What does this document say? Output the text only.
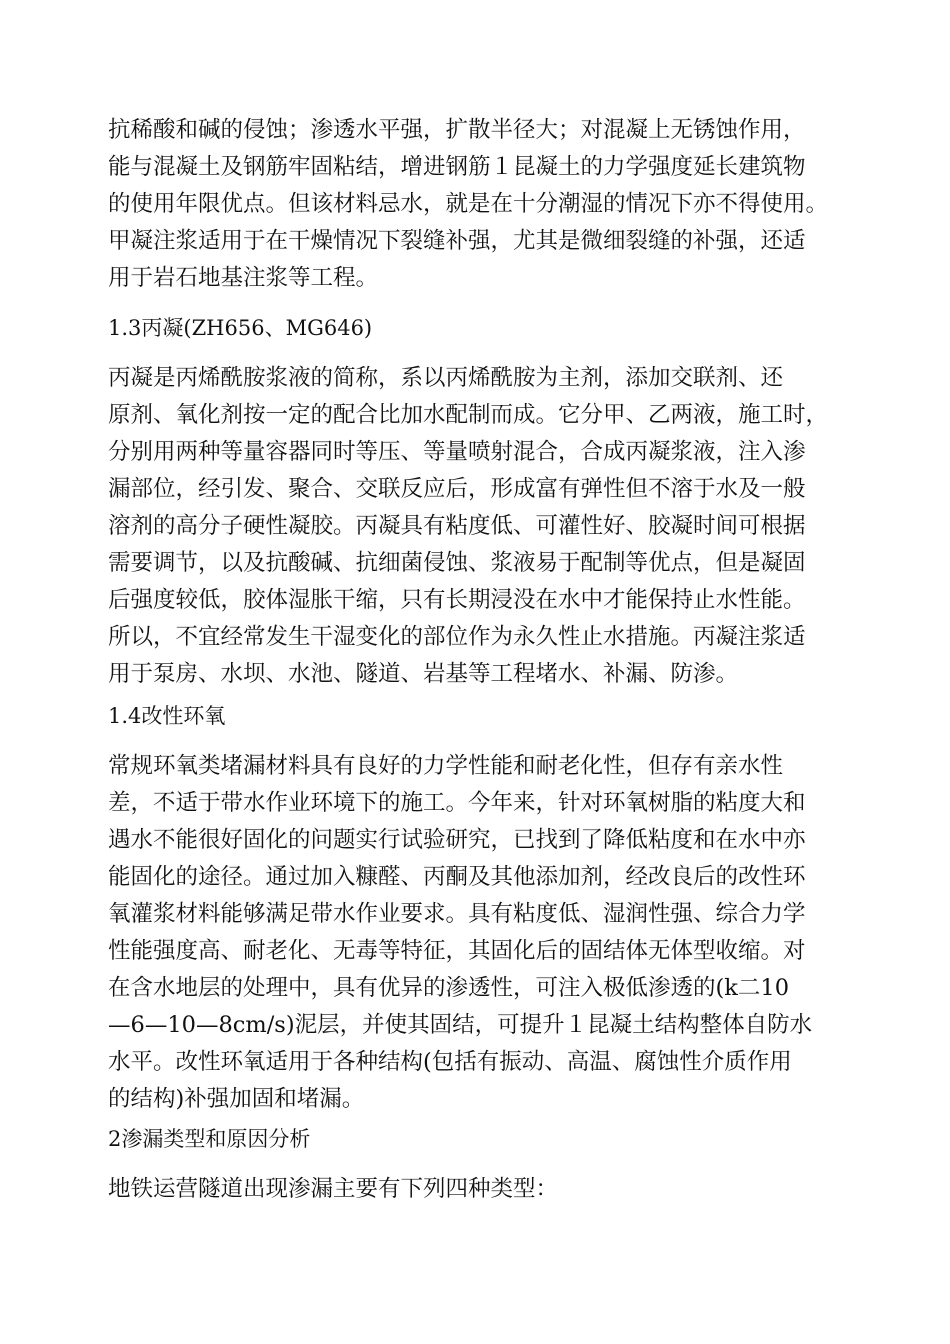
抗稀酸和碱的侵蚀；渗透水平强，扩散半径大；对混凝上无锈蚀作用，
能与混凝土及钢筋牢固粘结，增进钢筋１昆凝土的力学强度延长建筑物
的使用年限优点。但该材料忌水，就是在十分潮湿的情况下亦不得使用。
甲凝注浆适用于在干燥情况下裂缝补强，尤其是微细裂缝的补强，还适
用于岩石地基注浆等工程。
1.3丙凝(ZH656、MG646)
丙凝是丙烯酰胺浆液的简称，系以丙烯酰胺为主剂，添加交联剂、还
原剂、氧化剂按一定的配合比加水配制而成。它分甲、乙两液，施工时，
分别用两种等量容器同时等压、等量喷射混合，合成丙凝浆液，注入渗
漏部位，经引发、聚合、交联反应后，形成富有弹性但不溶于水及一般
溶剂的高分子硬性凝胶。丙凝具有粘度低、可灌性好、胶凝时间可根据
需要调节，以及抗酸碱、抗细菌侵蚀、浆液易于配制等优点，但是凝固
后强度较低，胶体湿胀干缩，只有长期浸没在水中才能保持止水性能。
所以，不宜经常发生干湿变化的部位作为永久性止水措施。丙凝注浆适
用于泵房、水坝、水池、隧道、岩基等工程堵水、补漏、防渗。
1.4改性环氧
常规环氧类堵漏材料具有良好的力学性能和耐老化性，但存有亲水性
差，不适于带水作业环境下的施工。今年来，针对环氧树脂的粘度大和
遇水不能很好固化的问题实行试验研究，已找到了降低粘度和在水中亦
能固化的途径。通过加入糠醛、丙酮及其他添加剂，经改良后的改性环
氧灌浆材料能够满足带水作业要求。具有粘度低、湿润性强、综合力学
性能强度高、耐老化、无毒等特征，其固化后的固结体无体型收缩。对
在含水地层的处理中，具有优异的渗透性，可注入极低渗透的(k二10
—6—10—8cm/s)泥层，并使其固结，可提升１昆凝土结构整体自防水
水平。改性环氧适用于各种结构(包括有振动、高温、腐蚀性介质作用
的结构)补强加固和堵漏。
2渗漏类型和原因分析
地铁运营隧道出现渗漏主要有下列四种类型：
